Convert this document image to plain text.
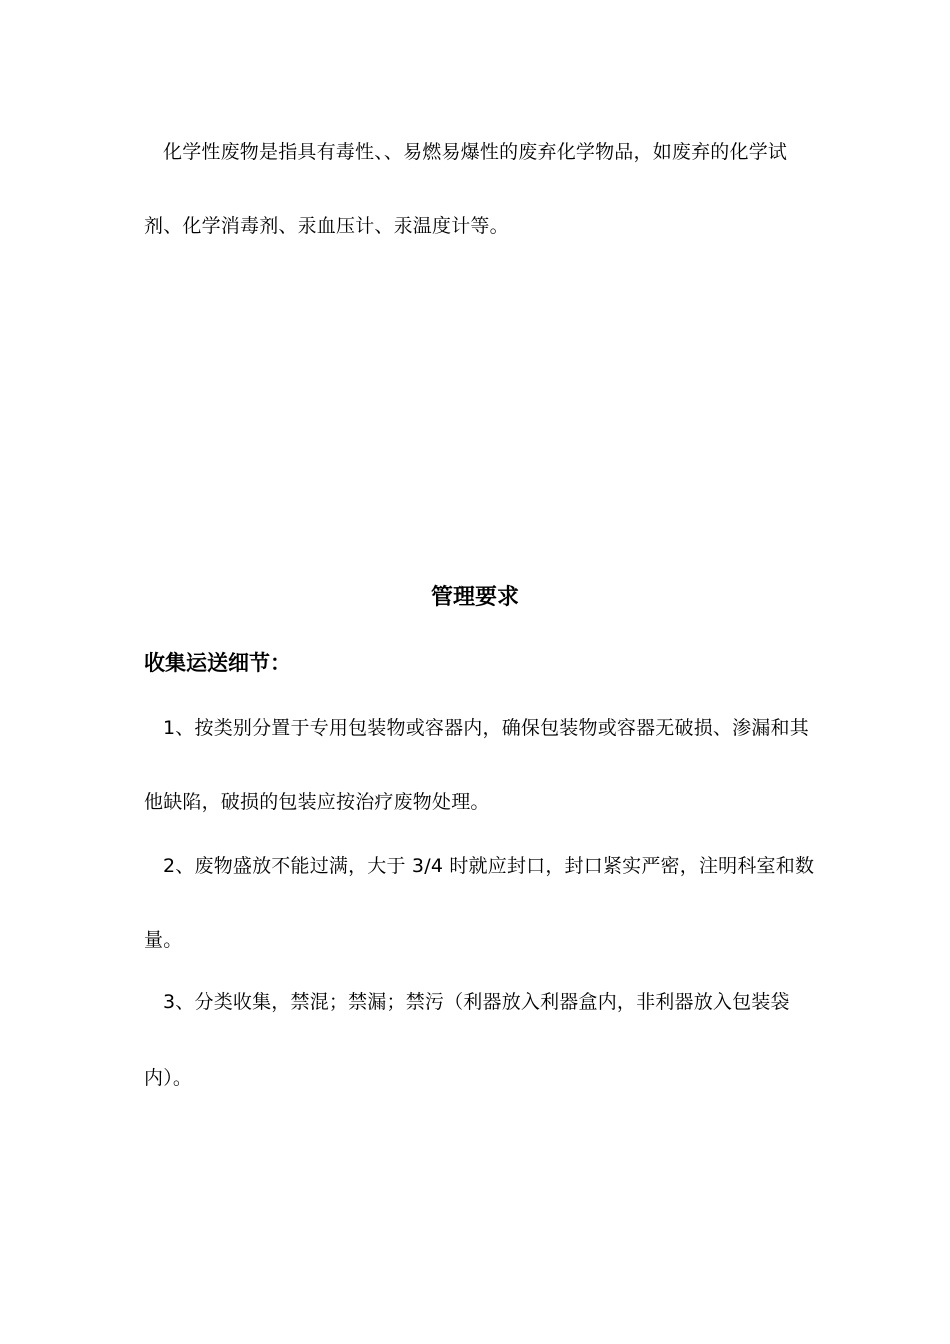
化学性废物是指具有毒性、、易燃易爆性的废弃化学物品，如废弃的化学试
剂、化学消毒剂、汞血压计、汞温度计等。
管理要求
收集运送细节：
1、按类别分置于专用包装物或容器内，确保包装物或容器无破损、渗漏和其
他缺陷，破损的包装应按治疗废物处理。
2、废物盛放不能过满，大于 3/4 时就应封口，封口紧实严密，注明科室和数
量。
3、分类收集，禁混；禁漏；禁污（利器放入利器盒内，非利器放入包装袋
内）。
